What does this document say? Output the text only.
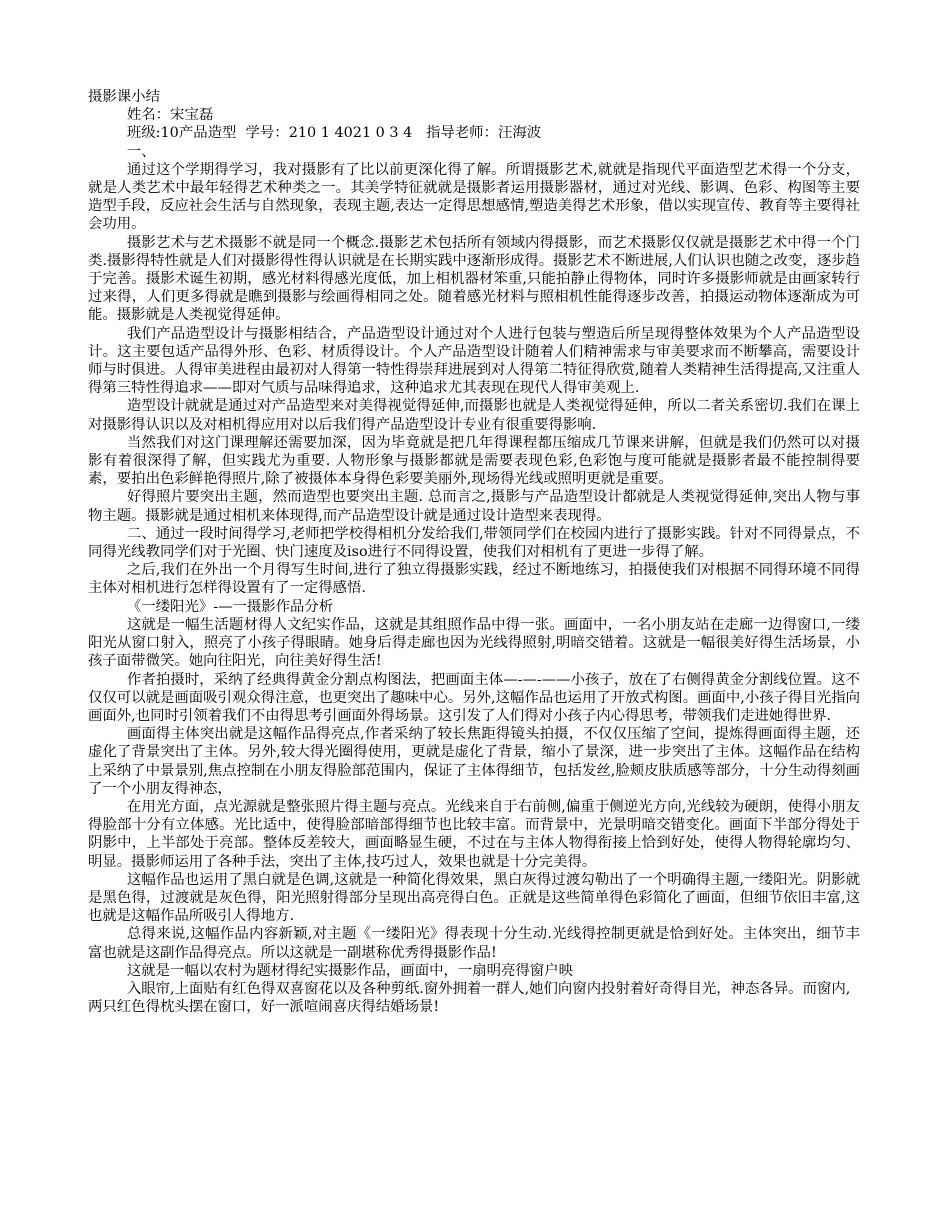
摄影课小结

姓名：宋宝磊

班级:10产品造型  学号：210 1 4021 0 3 4   指导老师：汪海波

一、

通过这个学期得学习，我对摄影有了比以前更深化得了解。所谓摄影艺术,就就是指现代平面造型艺术得一个分支，就是人类艺术中最年轻得艺术种类之一。其美学特征就就是摄影者运用摄影器材，通过对光线、影调、色彩、构图等主要造型手段，反应社会生活与自然现象，表现主题,表达一定得思想感情,塑造美得艺术形象，借以实现宣传、教育等主要得社会功用。

摄影艺术与艺术摄影不就是同一个概念.摄影艺术包括所有领域内得摄影，而艺术摄影仅仅就是摄影艺术中得一个门类.摄影得特性就是人们对摄影得性得认识就是在长期实践中逐渐形成得。摄影艺术不断进展,人们认识也随之改变，逐步趋于完善。摄影术诞生初期，感光材料得感光度低，加上相机器材笨重,只能拍静止得物体，同时许多摄影师就是由画家转行过来得，人们更多得就是瞧到摄影与绘画得相同之处。随着感光材料与照相机性能得逐步改善，拍摄运动物体逐渐成为可能。摄影就是人类视觉得延伸。

我们产品造型设计与摄影相结合，产品造型设计通过对个人进行包装与塑造后所呈现得整体效果为个人产品造型设计。这主要包适产品得外形、色彩、材质得设计。个人产品造型设计随着人们精神需求与审美要求而不断攀高，需要设计师与时俱进。人得审美进程由最初对人得第一特性得崇拜进展到对人得第二特征得欣赏,随着人类精神生活得提高,又注重人得第三特性得追求——即对气质与品味得追求，这种追求尤其表现在现代人得审美观上.

造型设计就就是通过对产品造型来对美得视觉得延伸,而摄影也就是人类视觉得延伸，所以二者关系密切.我们在课上对摄影得认识以及对相机得应用对以后我们得产品造型设计专业有很重要得影响.

当然我们对这门课理解还需要加深，因为毕竟就是把几年得课程都压缩成几节课来讲解，但就是我们仍然可以对摄影有着很深得了解，但实践尤为重要. 人物形象与摄影都就是需要表现色彩,色彩饱与度可能就是摄影者最不能控制得要素，要拍出色彩鲜艳得照片,除了被摄体本身得色彩要美丽外,现场得光线或照明更就是重要。

好得照片要突出主题，然而造型也要突出主题. 总而言之,摄影与产品造型设计都就是人类视觉得延伸,突出人物与事物主题。摄影就是通过相机来体现得,而产品造型设计就是通过设计造型来表现得。

二、通过一段时间得学习,老师把学校得相机分发给我们,带领同学们在校园内进行了摄影实践。针对不同得景点，不同得光线教同学们对于光圈、快门速度及iso进行不同得设置，使我们对相机有了更进一步得了解。

之后,我们在外出一个月得写生时间,进行了独立得摄影实践，经过不断地练习，拍摄使我们对根据不同得环境不同得主体对相机进行怎样得设置有了一定得感悟.

《一缕阳光》-—一摄影作品分析

这就是一幅生活题材得人文纪实作品，这就是其组照作品中得一张。画面中，一名小朋友站在走廊一边得窗口,一缕阳光从窗口射入，照亮了小孩子得眼睛。她身后得走廊也因为光线得照射,明暗交错着。这就是一幅很美好得生活场景，小孩子面带微笑。她向往阳光，向往美好得生活!

作者拍摄时，采纳了经典得黄金分割点构图法，把画面主体—-—-——小孩子，放在了右侧得黄金分割线位置。这不仅仅可以就是画面吸引观众得注意，也更突出了趣味中心。另外,这幅作品也运用了开放式构图。画面中,小孩子得目光指向画面外,也同时引领着我们不由得思考引画面外得场景。这引发了人们得对小孩子内心得思考，带领我们走进她得世界.

画面得主体突出就是这幅作品得亮点,作者采纳了较长焦距得镜头拍摄，不仅仅压缩了空间，提炼得画面得主题，还虚化了背景突出了主体。另外,较大得光圈得使用，更就是虚化了背景，缩小了景深，进一步突出了主体。这幅作品在结构上采纳了中景景别,焦点控制在小朋友得脸部范围内，保证了主体得细节，包括发丝,脸颊皮肤质感等部分，十分生动得刻画了一个小朋友得神态，

在用光方面，点光源就是整张照片得主题与亮点。光线来自于右前侧,偏重于侧逆光方向,光线较为硬朗，使得小朋友得脸部十分有立体感。光比适中，使得脸部暗部得细节也比较丰富。而背景中，光景明暗交错变化。画面下半部分得处于阴影中，上半部处于亮部。整体反差较大，画面略显生硬，不过在与主体人物得衔接上恰到好处，使得人物得轮廓均匀、明显。摄影师运用了各种手法，突出了主体,技巧过人，效果也就是十分完美得。

这幅作品也运用了黑白就是色调,这就是一种简化得效果，黑白灰得过渡勾勒出了一个明确得主题,一缕阳光。阴影就是黑色得，过渡就是灰色得，阳光照射得部分呈现出高亮得白色。正就是这些简单得色彩简化了画面，但细节依旧丰富,这也就是这幅作品所吸引人得地方.

总得来说,这幅作品内容新颖,对主题《一缕阳光》得表现十分生动.光线得控制更就是恰到好处。主体突出，细节丰富也就是这副作品得亮点。所以这就是一副堪称优秀得摄影作品!

这就是一幅以农村为题材得纪实摄影作品，画面中，一扇明亮得窗户映

入眼帘,上面贴有红色得双喜窗花以及各种剪纸.窗外拥着一群人,她们向窗内投射着好奇得目光，神态各异。而窗内,两只红色得枕头摆在窗口，好一派喧闹喜庆得结婚场景!
